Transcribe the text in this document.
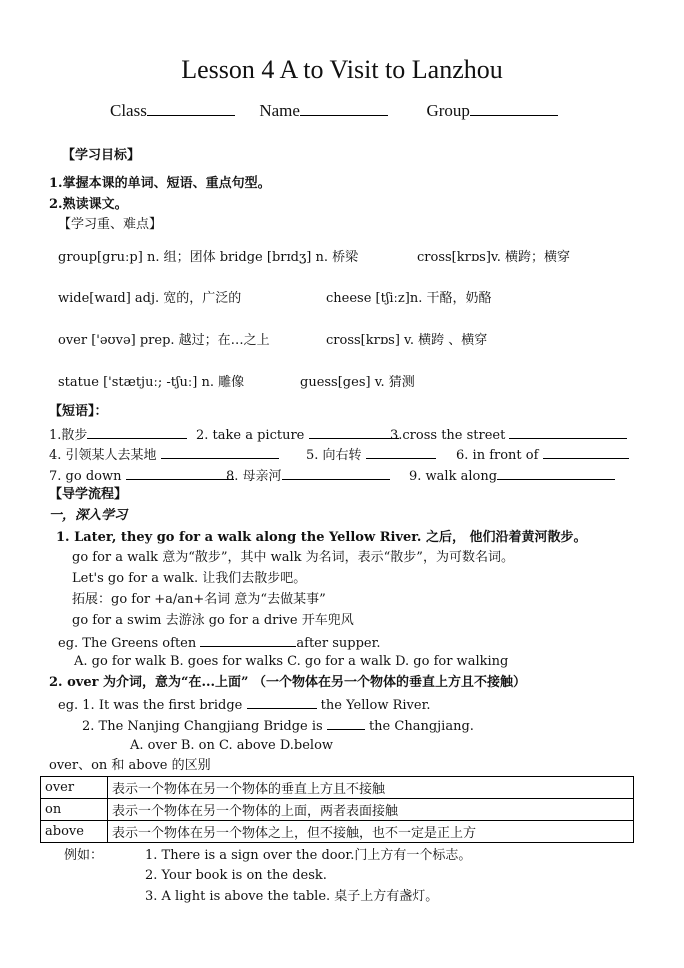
Lesson 4 A to Visit to Lanzhou
Class	Name	Group
【学习目标】
1.掌握本课的单词、短语、重点句型。
2.熟读课文。
【学习重、难点】
group[gruːp] n. 组；团体 bridge [brɪdʒ] n. 桥梁	cross[krɒs]v. 横跨；横穿
wide[waɪd] adj. 宽的，广泛的	cheese [tʃiːz]n. 干酪，奶酪
over ['əʊvə] prep. 越过；在…之上	cross[krɒs] v. 横跨 、横穿
statue ['stætjuː; -tʃuː] n. 雕像	guess[ges] v. 猜测
【短语】：
1.散步	2. take a picture	3.cross the street
4. 引领某人去某地	5. 向右转	6. in front of
7. go down	8. 母亲河	9. walk along
【导学流程】
一，深入学习
1. Later, they go for a walk along the Yellow River. 之后， 他们沿着黄河散步。
go for a walk 意为“散步”，其中 walk 为名词，表示“散步”，为可数名词。
Let's go for a walk. 让我们去散步吧。
拓展：go for +a/an+名词 意为“去做某事”
go for a swim 去游泳 go for a drive 开车兜风
eg. The Greens often	after supper.
A. go for walk B. goes for walks C. go for a walk D. go for walking
2. over 为介词，意为“在...上面” （一个物体在另一个物体的垂直上方且不接触）
eg. 1. It was the first bridge	the Yellow River.
2. The Nanjing Changjiang Bridge is	the Changjiang.
A. over B. on C. above D.below
over、on 和 above 的区别
over	表示一个物体在另一个物体的垂直上方且不接触
on	表示一个物体在另一个物体的上面，两者表面接触
above	表示一个物体在另一个物体之上，但不接触，也不一定是正上方
例如：	1. There is a sign over the door.门上方有一个标志。
2. Your book is on the desk.
3. A light is above the table. 桌子上方有盏灯。
